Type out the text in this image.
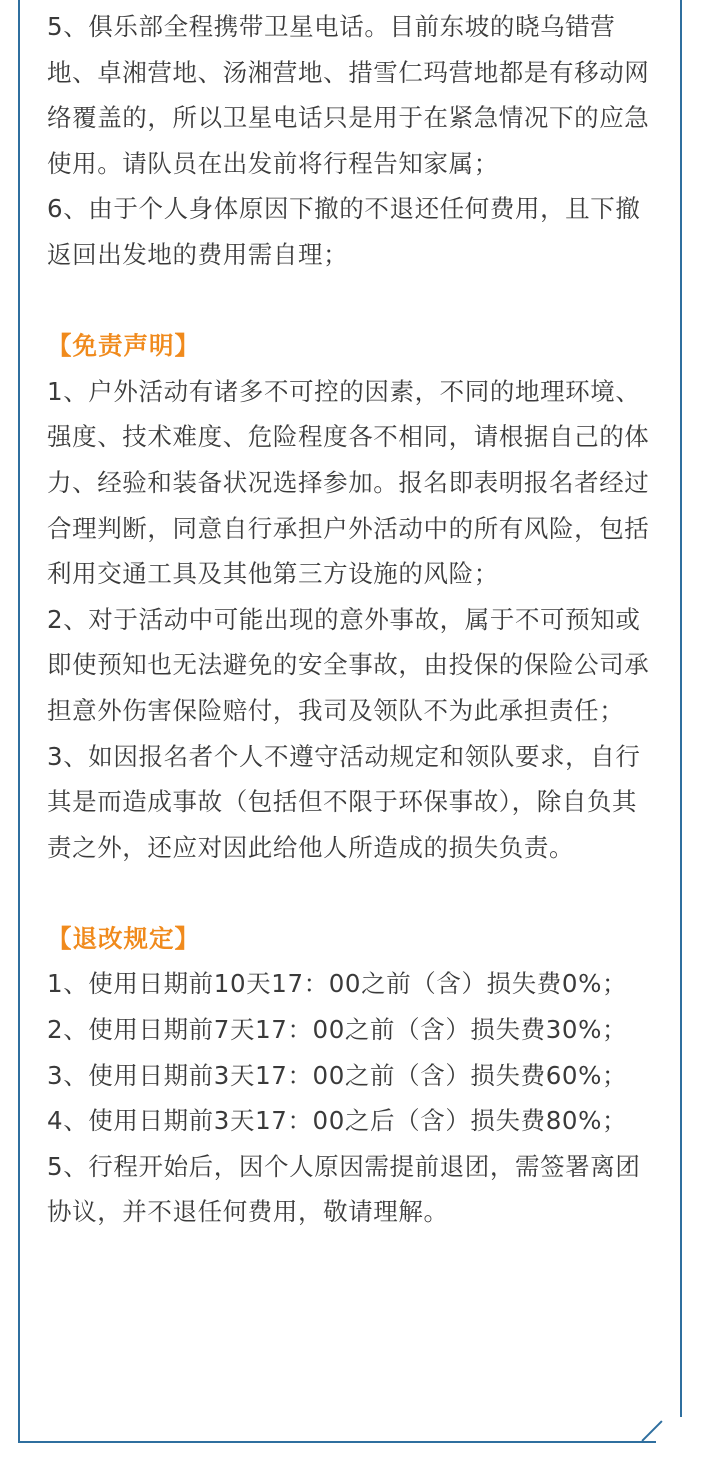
5、俱乐部全程携带卫星电话。目前东坡的晓乌错营地、卓湘营地、汤湘营地、措雪仁玛营地都是有移动网络覆盖的，所以卫星电话只是用于在紧急情况下的应急使用。请队员在出发前将行程告知家属；

6、由于个人身体原因下撤的不退还任何费用，且下撤返回出发地的费用需自理；

【免责声明】

1、户外活动有诸多不可控的因素，不同的地理环境、强度、技术难度、危险程度各不相同，请根据自己的体力、经验和装备状况选择参加。报名即表明报名者经过合理判断，同意自行承担户外活动中的所有风险，包括利用交通工具及其他第三方设施的风险；

2、对于活动中可能出现的意外事故，属于不可预知或即使预知也无法避免的安全事故，由投保的保险公司承担意外伤害保险赔付，我司及领队不为此承担责任；

3、如因报名者个人不遵守活动规定和领队要求，自行其是而造成事故（包括但不限于环保事故），除自负其责之外，还应对因此给他人所造成的损失负责。

【退改规定】

1、使用日期前10天17：00之前（含）损失费0%；

2、使用日期前7天17：00之前（含）损失费30%；

3、使用日期前3天17：00之前（含）损失费60%；

4、使用日期前3天17：00之后（含）损失费80%；

5、行程开始后，因个人原因需提前退团，需签署离团协议，并不退任何费用，敬请理解。
